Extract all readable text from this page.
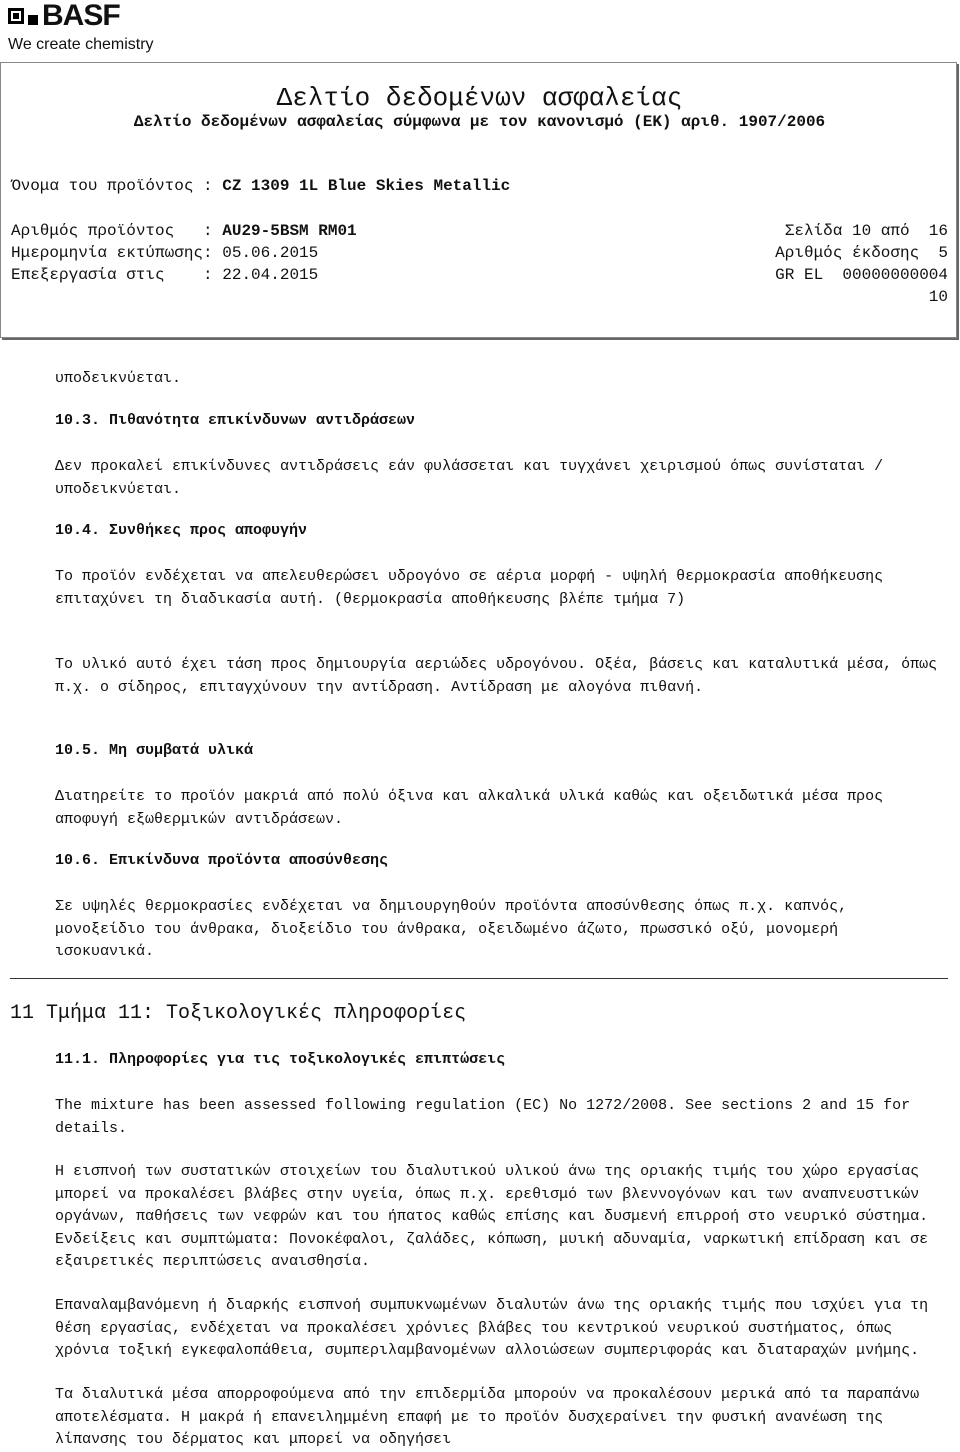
BASF
We create chemistry
Δελτίο δεδομένων ασφαλείας
Δελτίο δεδομένων ασφαλείας σύμφωνα με τον κανονισμό (ΕΚ) αριθ. 1907/2006
Όνομα του προϊόντος : CZ 1309 1L Blue Skies Metallic
Αριθμός προϊόντος   : AU29-5BSM RM01
Ημερομηνία εκτύπωσης: 05.06.2015
Επεξεργασία στις    : 22.04.2015
Σελίδα 10 από  16
Αριθμός έκδοσης  5
GR EL  00000000004
10
υποδεικνύεται.
10.3. Πιθανότητα επικίνδυνων αντιδράσεων
Δεν προκαλεί επικίνδυνες αντιδράσεις εάν φυλάσσεται και τυγχάνει χειρισμού όπως συνίσταται / υποδεικνύεται.
10.4. Συνθήκες προς αποφυγήν
Το προϊόν ενδέχεται να απελευθερώσει υδρογόνο σε αέρια μορφή - υψηλή θερμοκρασία αποθήκευσης επιταχύνει τη διαδικασία αυτή. (θερμοκρασία αποθήκευσης βλέπε τμήμα 7)
Το υλικό αυτό έχει τάση προς δημιουργία αεριώδες υδρογόνου. Οξέα, βάσεις και καταλυτικά μέσα, όπως π.χ. ο σίδηρος, επιταγχύνουν την αντίδραση. Αντίδραση με αλογόνα πιθανή.
10.5. Μη συμβατά υλικά
Διατηρείτε το προϊόν μακριά από πολύ όξινα και αλκαλικά υλικά καθώς και οξειδωτικά μέσα προς αποφυγή εξωθερμικών αντιδράσεων.
10.6. Επικίνδυνα προϊόντα αποσύνθεσης
Σε υψηλές θερμοκρασίες ενδέχεται να δημιουργηθούν προϊόντα αποσύνθεσης όπως π.χ. καπνός, μονοξείδιο του άνθρακα, διοξείδιο του άνθρακα, οξειδωμένο άζωτο, πρωσσικό οξύ, μονομερή ισοκυανικά.
11 Τμήμα 11: Τοξικολογικές πληροφορίες
11.1. Πληροφορίες για τις τοξικολογικές επιπτώσεις
The mixture has been assessed following regulation (EC) No 1272/2008. See sections 2 and 15 for details.
Η εισπνοή των συστατικών στοιχείων του διαλυτικού υλικού άνω της οριακής τιμής του χώρο εργασίας μπορεί να προκαλέσει βλάβες στην υγεία, όπως π.χ. ερεθισμό των βλεννογόνων και των αναπνευστικών οργάνων, παθήσεις των νεφρών και του ήπατος καθώς επίσης και δυσμενή επιρροή στο νευρικό σύστημα. Ενδείξεις και συμπτώματα: Πονοκέφαλοι, ζαλάδες, κόπωση, μυική αδυναμία, ναρκωτική επίδραση και σε εξαιρετικές περιπτώσεις αναισθησία.
Επαναλαμβανόμενη ή διαρκής εισπνοή συμπυκνωμένων διαλυτών άνω της οριακής τιμής που ισχύει για τη θέση εργασίας, ενδέχεται να προκαλέσει χρόνιες βλάβες του κεντρικού νευρικού συστήματος, όπως χρόνια τοξική εγκεφαλοπάθεια, συμπεριλαμβανομένων αλλοιώσεων συμπεριφοράς και διαταραχών μνήμης.
Τα διαλυτικά μέσα απορροφούμενα από την επιδερμίδα μπορούν να προκαλέσουν μερικά από τα παραπάνω αποτελέσματα. Η μακρά ή επανειλημμένη επαφή με το προϊόν δυσχεραίνει την φυσική ανανέωση της λίπανσης του δέρματος και μπορεί να οδηγήσει
